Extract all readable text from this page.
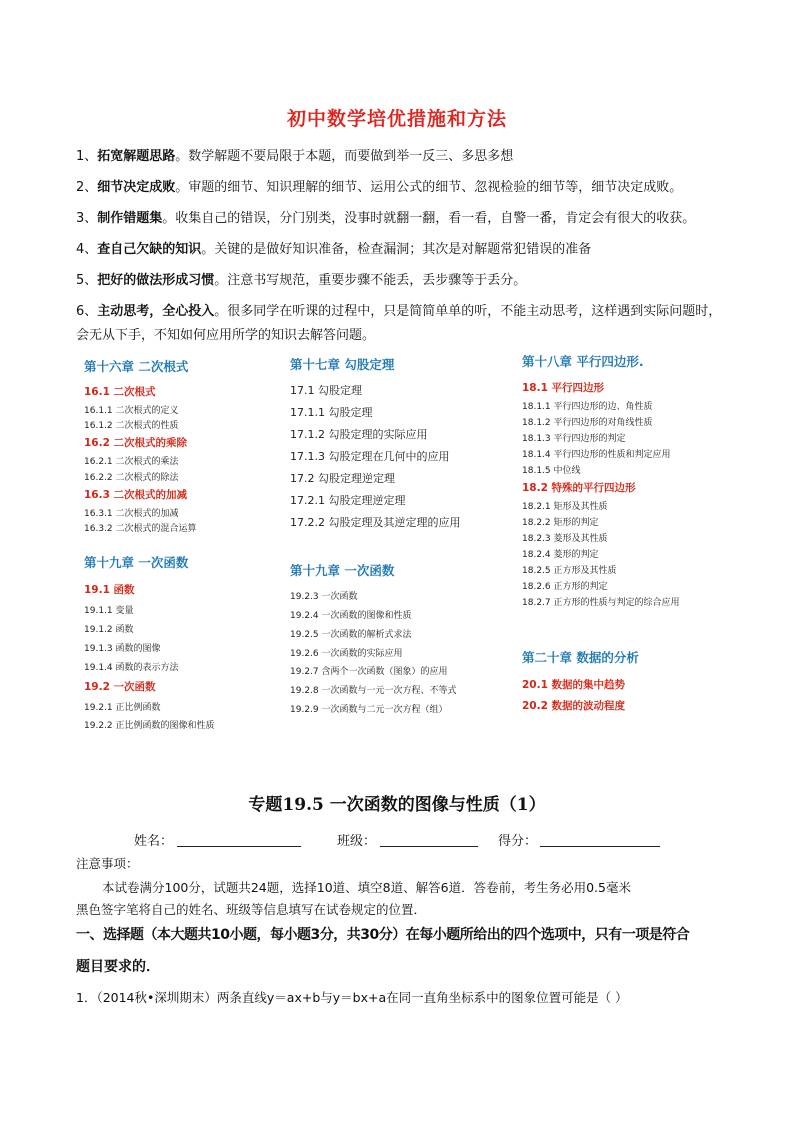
初中数学培优措施和方法
1、拓宽解题思路。数学解题不要局限于本题，而要做到举一反三、多思多想
2、细节决定成败。审题的细节、知识理解的细节、运用公式的细节、忽视检验的细节等，细节决定成败。
3、制作错题集。收集自己的错误，分门别类，没事时就翻一翻，看一看，自警一番，肯定会有很大的收获。
4、查自己欠缺的知识。关键的是做好知识准备，检查漏洞；其次是对解题常犯错误的准备
5、把好的做法形成习惯。注意书写规范，重要步骤不能丢，丢步骤等于丢分。
6、主动思考，全心投入。很多同学在听课的过程中，只是简简单单的听，不能主动思考，这样遇到实际问题时，会无从下手，不知如何应用所学的知识去解答问题。
第十六章 二次根式
16.1 二次根式
16.1.1 二次根式的定义
16.1.2 二次根式的性质
16.2 二次根式的乘除
16.2.1 二次根式的乘法
16.2.2 二次根式的除法
16.3 二次根式的加减
16.3.1 二次根式的加减
16.3.2 二次根式的混合运算
第十九章 一次函数
19.1 函数
19.1.1 变量
19.1.2 函数
19.1.3 函数的图像
19.1.4 函数的表示方法
19.2 一次函数
19.2.1 正比例函数
19.2.2 正比例函数的图像和性质
第十七章 勾股定理
17.1 勾股定理
17.1.1 勾股定理
17.1.2 勾股定理的实际应用
17.1.3 勾股定理在几何中的应用
17.2 勾股定理逆定理
17.2.1 勾股定理逆定理
17.2.2 勾股定理及其逆定理的应用
第十九章 一次函数
19.2.3 一次函数
19.2.4 一次函数的图像和性质
19.2.5 一次函数的解析式求法
19.2.6 一次函数的实际应用
19.2.7 含两个一次函数（图象）的应用
19.2.8 一次函数与一元一次方程、不等式
19.2.9 一次函数与二元一次方程（组）
第十八章 平行四边形.
18.1 平行四边形
18.1.1 平行四边形的边、角性质
18.1.2 平行四边形的对角线性质
18.1.3 平行四边形的判定
18.1.4 平行四边形的性质和判定应用
18.1.5 中位线
18.2 特殊的平行四边形
18.2.1 矩形及其性质
18.2.2 矩形的判定
18.2.3 菱形及其性质
18.2.4 菱形的判定
18.2.5 正方形及其性质
18.2.6 正方形的判定
18.2.7 正方形的性质与判定的综合应用
第二十章 数据的分析
20.1 数据的集中趋势
20.2 数据的波动程度
专题19.5 一次函数的图像与性质（1）
姓名：	班级：	得分：
注意事项：
本试卷满分100分，试题共24题，选择10道、填空8道、解答6道．答卷前，考生务必用0.5毫米
黑色签字笔将自己的姓名、班级等信息填写在试卷规定的位置．
一、选择题（本大题共10小题，每小题3分，共30分）在每小题所给出的四个选项中，只有一项是符合
题目要求的．
1．（2014秋•深圳期末）两条直线y＝ax+b与y＝bx+a在同一直角坐标系中的图象位置可能是（ ）
